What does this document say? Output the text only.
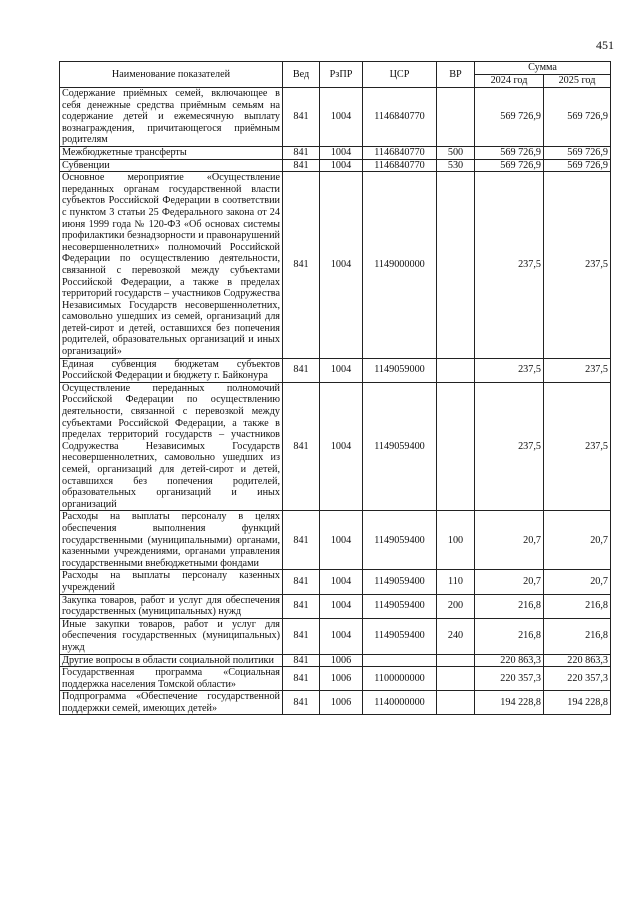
451
Наименование показателей	Вед	РзПР	ЦСР	ВР	Сумма	
					2024 год	2025 год
Содержание приёмных семей, включающее в себя денежные средства приёмным семьям на содержание детей и ежемесячную выплату вознаграждения, причитающегося приёмным родителям	841	1004	1146840770		569 726,9	569 726,9
Межбюджетные трансферты	841	1004	1146840770	500	569 726,9	569 726,9
Субвенции	841	1004	1146840770	530	569 726,9	569 726,9
Основное мероприятие «Осуществление переданных органам государственной власти субъектов Российской Федерации в соответствии с пунктом 3 статьи 25 Федерального закона от 24 июня 1999 года № 120-ФЗ «Об основах системы профилактики безнадзорности и правонарушений несовершеннолетних» полномочий Российской Федерации по осуществлению деятельности, связанной с перевозкой между субъектами Российской Федерации, а также в пределах территорий государств – участников Содружества Независимых Государств несовершеннолетних, самовольно ушедших из семей, организаций для детей-сирот и детей, оставшихся без попечения родителей, образовательных организаций и иных организаций»	841	1004	1149000000		237,5	237,5
Единая субвенция бюджетам субъектов Российской Федерации и бюджету г. Байконура	841	1004	1149059000		237,5	237,5
Осуществление переданных полномочий Российской Федерации по осуществлению деятельности, связанной с перевозкой между субъектами Российской Федерации, а также в пределах территорий государств – участников Содружества Независимых Государств несовершеннолетних, самовольно ушедших из семей, организаций для детей-сирот и детей, оставшихся без попечения родителей, образовательных организаций и иных организаций	841	1004	1149059400		237,5	237,5
Расходы на выплаты персоналу в целях обеспечения выполнения функций государственными (муниципальными) органами, казенными учреждениями, органами управления государственными внебюджетными фондами	841	1004	1149059400	100	20,7	20,7
Расходы на выплаты персоналу казенных учреждений	841	1004	1149059400	110	20,7	20,7
Закупка товаров, работ и услуг для обеспечения государственных (муниципальных) нужд	841	1004	1149059400	200	216,8	216,8
Иные закупки товаров, работ и услуг для обеспечения государственных (муниципальных) нужд	841	1004	1149059400	240	216,8	216,8
Другие вопросы в области социальной политики	841	1006			220 863,3	220 863,3
Государственная программа «Социальная поддержка населения Томской области»	841	1006	1100000000		220 357,3	220 357,3
Подпрограмма «Обеспечение государственной поддержки семей, имеющих детей»	841	1006	1140000000		194 228,8	194 228,8
